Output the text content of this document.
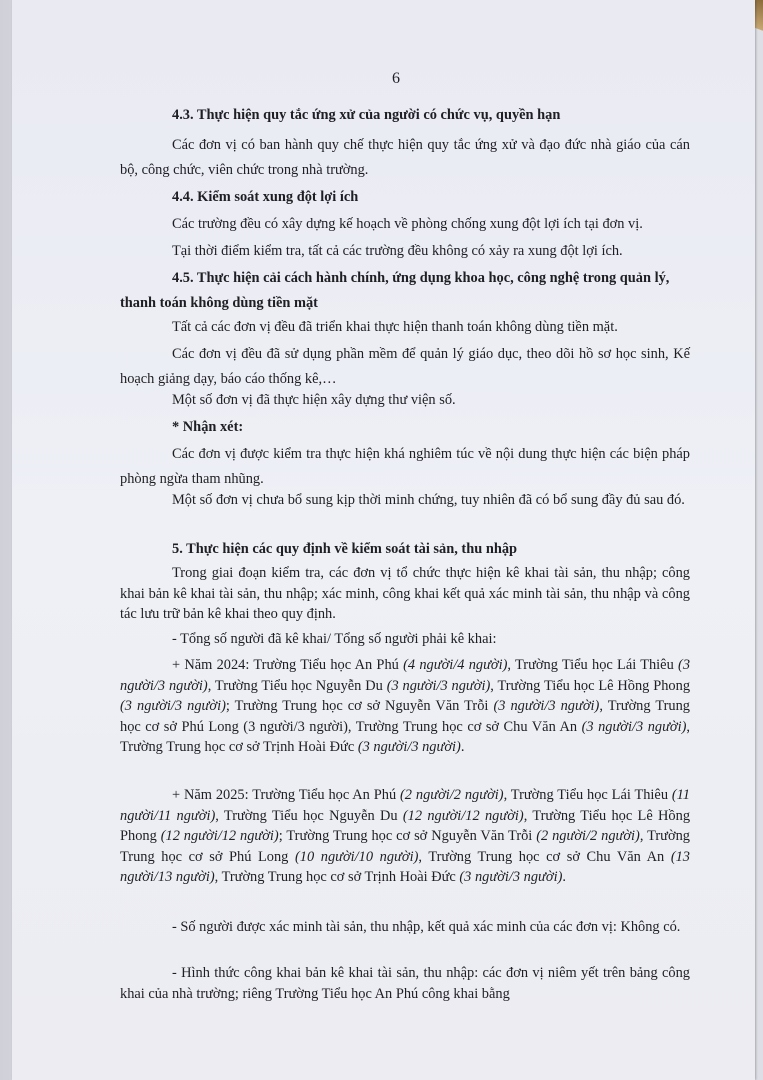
6
4.3. Thực hiện quy tắc ứng xử của người có chức vụ, quyền hạn
Các đơn vị có ban hành quy chế thực hiện quy tắc ứng xử và đạo đức nhà giáo của cán bộ, công chức, viên chức trong nhà trường.
4.4. Kiểm soát xung đột lợi ích
Các trường đều có xây dựng kế hoạch về phòng chống xung đột lợi ích tại đơn vị.
Tại thời điểm kiểm tra, tất cả các trường đều không có xảy ra xung đột lợi ích.
4.5. Thực hiện cải cách hành chính, ứng dụng khoa học, công nghệ trong quản lý, thanh toán không dùng tiền mặt
Tất cả các đơn vị đều đã triển khai thực hiện thanh toán không dùng tiền mặt.
Các đơn vị đều đã sử dụng phần mềm để quản lý giáo dục, theo dõi hồ sơ học sinh, Kế hoạch giảng dạy, báo cáo thống kê,…
Một số đơn vị đã thực hiện xây dựng thư viện số.
* Nhận xét:
Các đơn vị được kiểm tra thực hiện khá nghiêm túc về nội dung thực hiện các biện pháp phòng ngừa tham nhũng.
Một số đơn vị chưa bổ sung kịp thời minh chứng, tuy nhiên đã có bổ sung đầy đủ sau đó.
5. Thực hiện các quy định về kiểm soát tài sản, thu nhập
Trong giai đoạn kiểm tra, các đơn vị tổ chức thực hiện kê khai tài sản, thu nhập; công khai bản kê khai tài sản, thu nhập; xác minh, công khai kết quả xác minh tài sản, thu nhập và công tác lưu trữ bản kê khai theo quy định.
- Tổng số người đã kê khai/ Tổng số người phải kê khai:
+ Năm 2024: Trường Tiểu học An Phú (4 người/4 người), Trường Tiểu học Lái Thiêu (3 người/3 người), Trường Tiểu học Nguyễn Du (3 người/3 người), Trường Tiểu học Lê Hồng Phong (3 người/3 người); Trường Trung học cơ sở Nguyễn Văn Trỗi (3 người/3 người), Trường Trung học cơ sở Phú Long (3 người/3 người), Trường Trung học cơ sở Chu Văn An (3 người/3 người), Trường Trung học cơ sở Trịnh Hoài Đức (3 người/3 người).
+ Năm 2025: Trường Tiểu học An Phú (2 người/2 người), Trường Tiểu học Lái Thiêu (11 người/11 người), Trường Tiểu học Nguyễn Du (12 người/12 người), Trường Tiểu học Lê Hồng Phong (12 người/12 người); Trường Trung học cơ sở Nguyễn Văn Trỗi (2 người/2 người), Trường Trung học cơ sở Phú Long (10 người/10 người), Trường Trung học cơ sở Chu Văn An (13 người/13 người), Trường Trung học cơ sở Trịnh Hoài Đức (3 người/3 người).
- Số người được xác minh tài sản, thu nhập, kết quả xác minh của các đơn vị: Không có.
- Hình thức công khai bản kê khai tài sản, thu nhập: các đơn vị niêm yết trên bảng công khai của nhà trường; riêng Trường Tiểu học An Phú công khai bằng
